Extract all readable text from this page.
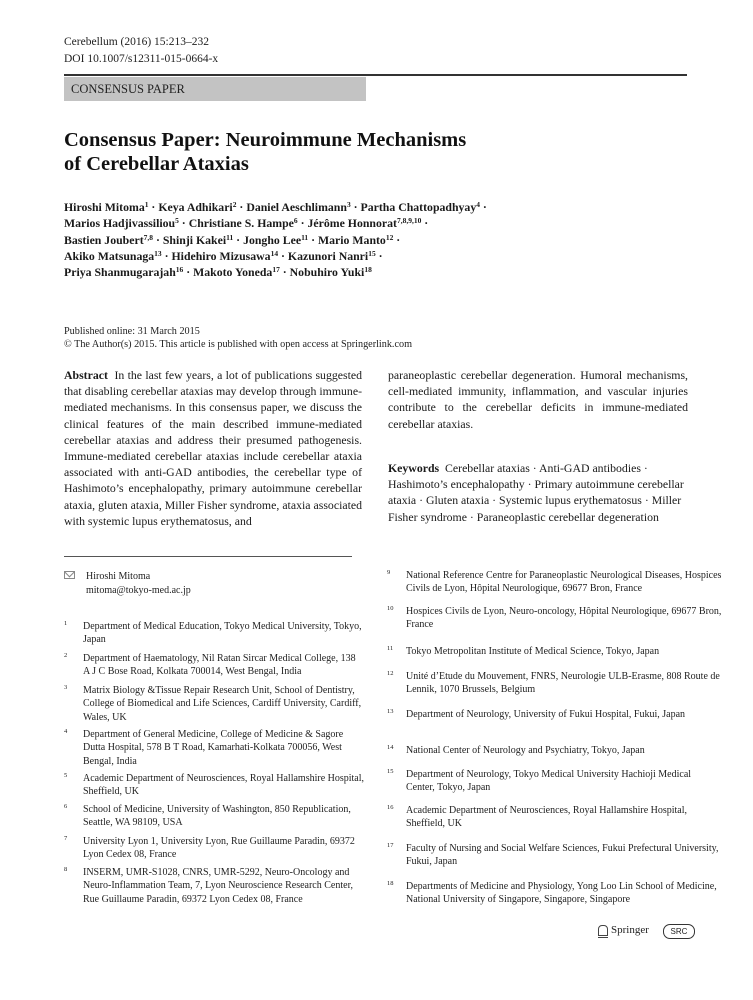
Cerebellum (2016) 15:213–232
DOI 10.1007/s12311-015-0664-x
CONSENSUS PAPER
Consensus Paper: Neuroimmune Mechanisms
of Cerebellar Ataxias
Hiroshi Mitoma$^1$ · Keya Adhikari$^2$ · Daniel Aeschlimann$^3$ · Partha Chattopadhyay$^4$ ·
Marios Hadjivassiliou$^5$ · Christiane S. Hampe$^6$ · Jérôme Honnorat$^{7,8,9,10}$ ·
Bastien Joubert$^{7,8}$ · Shinji Kakei$^{11}$ · Jongho Lee$^{11}$ · Mario Manto$^{12}$ ·
Akiko Matsunaga$^{13}$ · Hidehiro Mizusawa$^{14}$ · Kazunori Nanri$^{15}$ ·
Priya Shanmugarajah$^{16}$ · Makoto Yoneda$^{17}$ · Nobuhiro Yuki$^{18}$
Published online: 31 March 2015
© The Author(s) 2015. This article is published with open access at Springerlink.com
Abstract In the last few years, a lot of publications suggested that disabling cerebellar ataxias may develop through immune-mediated mechanisms. In this consensus paper, we discuss the clinical features of the main described immune-mediated cerebellar ataxias and address their presumed pathogenesis. Immune-mediated cerebellar ataxias include cerebellar ataxia associated with anti-GAD antibodies, the cerebellar type of Hashimoto’s encephalopathy, primary autoimmune cerebellar ataxia, gluten ataxia, Miller Fisher syndrome, ataxia associated with systemic lupus erythematosus, and
paraneoplastic cerebellar degeneration. Humoral mechanisms, cell-mediated immunity, inflammation, and vascular injuries contribute to the cerebellar deficits in immune-mediated cerebellar ataxias.
Keywords Cerebellar ataxias · Anti-GAD antibodies · Hashimoto’s encephalopathy · Primary autoimmune cerebellar ataxia · Gluten ataxia · Systemic lupus erythematosus · Miller Fisher syndrome · Paraneoplastic cerebellar degeneration
Hiroshi Mitoma
mitoma@tokyo-med.ac.jp
1 Department of Medical Education, Tokyo Medical University, Tokyo, Japan
2 Department of Haematology, Nil Ratan Sircar Medical College, 138 A J C Bose Road, Kolkata 700014, West Bengal, India
3 Matrix Biology &Tissue Repair Research Unit, School of Dentistry, College of Biomedical and Life Sciences, Cardiff University, Cardiff, Wales, UK
4 Department of General Medicine, College of Medicine & Sagore Dutta Hospital, 578 B T Road, Kamarhati-Kolkata 700056, West Bengal, India
5 Academic Department of Neurosciences, Royal Hallamshire Hospital, Sheffield, UK
6 School of Medicine, University of Washington, 850 Republication, Seattle, WA 98109, USA
7 University Lyon 1, University Lyon, Rue Guillaume Paradin, 69372 Lyon Cedex 08, France
8 INSERM, UMR-S1028, CNRS, UMR-5292, Neuro-Oncology and Neuro-Inflammation Team, 7, Lyon Neuroscience Research Center, Rue Guillaume Paradin, 69372 Lyon Cedex 08, France
9 National Reference Centre for Paraneoplastic Neurological Diseases, Hospices Civils de Lyon, Hôpital Neurologique, 69677 Bron, France
10 Hospices Civils de Lyon, Neuro-oncology, Hôpital Neurologique, 69677 Bron, France
11 Tokyo Metropolitan Institute of Medical Science, Tokyo, Japan
12 Unité d’Etude du Mouvement, FNRS, Neurologie ULB-Erasme, 808 Route de Lennik, 1070 Brussels, Belgium
13 Department of Neurology, University of Fukui Hospital, Fukui, Japan
14 National Center of Neurology and Psychiatry, Tokyo, Japan
15 Department of Neurology, Tokyo Medical University Hachioji Medical Center, Tokyo, Japan
16 Academic Department of Neurosciences, Royal Hallamshire Hospital, Sheffield, UK
17 Faculty of Nursing and Social Welfare Sciences, Fukui Prefectural University, Fukui, Japan
18 Departments of Medicine and Physiology, Yong Loo Lin School of Medicine, National University of Singapore, Singapore, Singapore
Springer	SRC
